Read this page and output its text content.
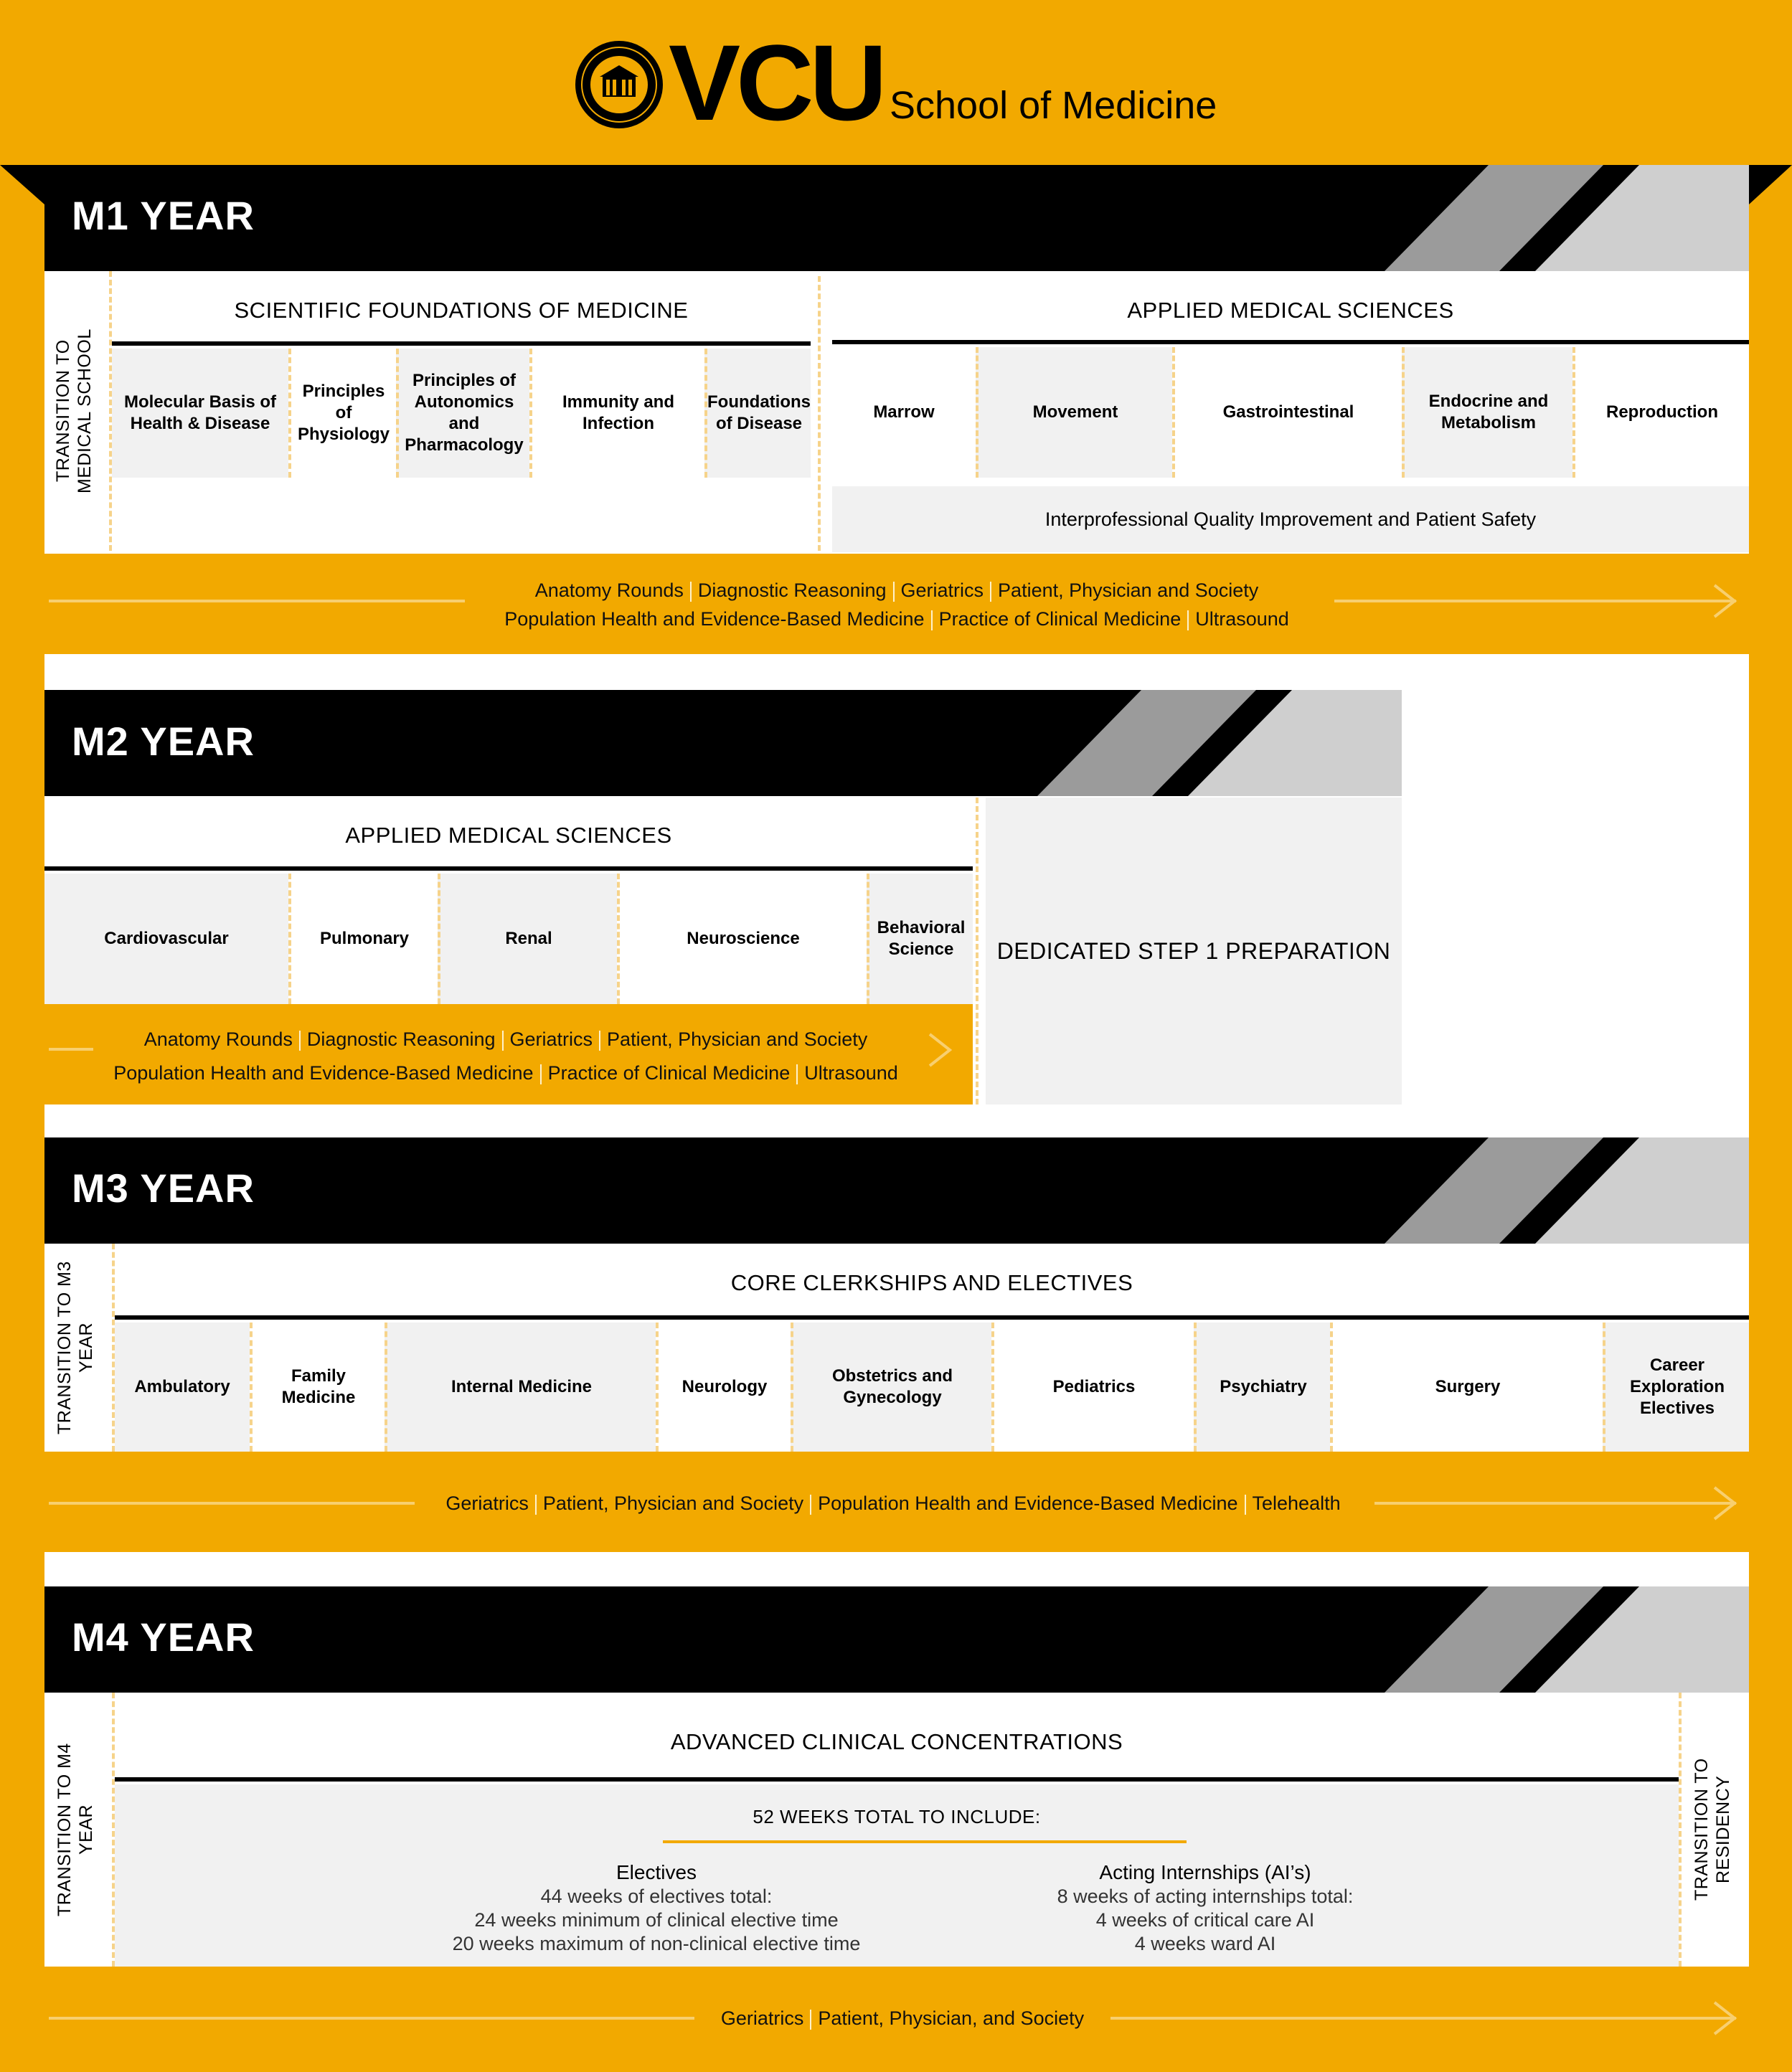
VCU School of Medicine
M1 YEAR
TRANSITION TO MEDICAL SCHOOL
SCIENTIFIC FOUNDATIONS OF MEDICINE
Molecular Basis of Health & Disease
Principles of Physiology
Principles of Autonomics and Pharmacology
Immunity and Infection
Foundations of Disease
APPLIED MEDICAL SCIENCES
Marrow	Movement	Gastrointestinal
Endocrine and Metabolism
Reproduction
Interprofessional Quality Improvement and Patient Safety
Anatomy Rounds Diagnostic Reasoning Geriatrics Patient, Physician and Society
Population Health and Evidence-Based Medicine Practice of Clinical Medicine Ultrasound
M2 YEAR
APPLIED MEDICAL SCIENCES
Cardiovascular	Pulmonary	Renal	Neuroscience
Behavioral Science
Anatomy Rounds Diagnostic Reasoning Geriatrics Patient, Physician and Society
Population Health and Evidence-Based Medicine Practice of Clinical Medicine Ultrasound
DEDICATED STEP 1 PREPARATION
M3 YEAR
TRANSITION TO M3 YEAR
CORE CLERKSHIPS AND ELECTIVES
Ambulatory
Family Medicine
Internal Medicine	Neurology
Obstetrics and Gynecology
Pediatrics	Psychiatry	Surgery
Career Exploration Electives
Geriatrics Patient, Physician and Society Population Health and Evidence-Based Medicine Telehealth
M4 YEAR
TRANSITION TO M4 YEAR	TRANSITION TO RESIDENCY
ADVANCED CLINICAL CONCENTRATIONS
52 WEEKS TOTAL TO INCLUDE:
Electives
44 weeks of electives total:
24 weeks minimum of clinical elective time
20 weeks maximum of non-clinical elective time
Acting Internships (AI’s)
8 weeks of acting internships total:
4 weeks of critical care AI
4 weeks ward AI
Geriatrics Patient, Physician, and Society
